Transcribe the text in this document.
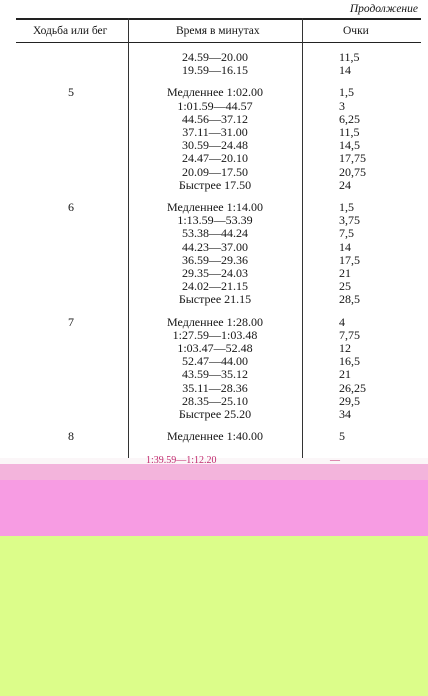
Продолжение
Ходьба или бег	Время в минутах	Очки
24.59—20.00	11,5
19.59—16.15	14
5	Медленнее 1:02.00	1,5
1:01.59—44.57	3
44.56—37.12	6,25
37.11—31.00	11,5
30.59—24.48	14,5
24.47—20.10	17,75
20.09—17.50	20,75
Быстрее 17.50	24
6	Медленнее 1:14.00	1,5
1:13.59—53.39	3,75
53.38—44.24	7,5
44.23—37.00	14
36.59—29.36	17,5
29.35—24.03	21
24.02—21.15	25
Быстрее 21.15	28,5
7	Медленнее 1:28.00	4
1:27.59—1:03.48	7,75
1:03.47—52.48	12
52.47—44.00	16,5
43.59—35.12	21
35.11—28.36	26,25
28.35—25.10	29,5
Быстрее 25.20	34
8	Медленнее 1:40.00	5
1:39.59—1:12.20	—
